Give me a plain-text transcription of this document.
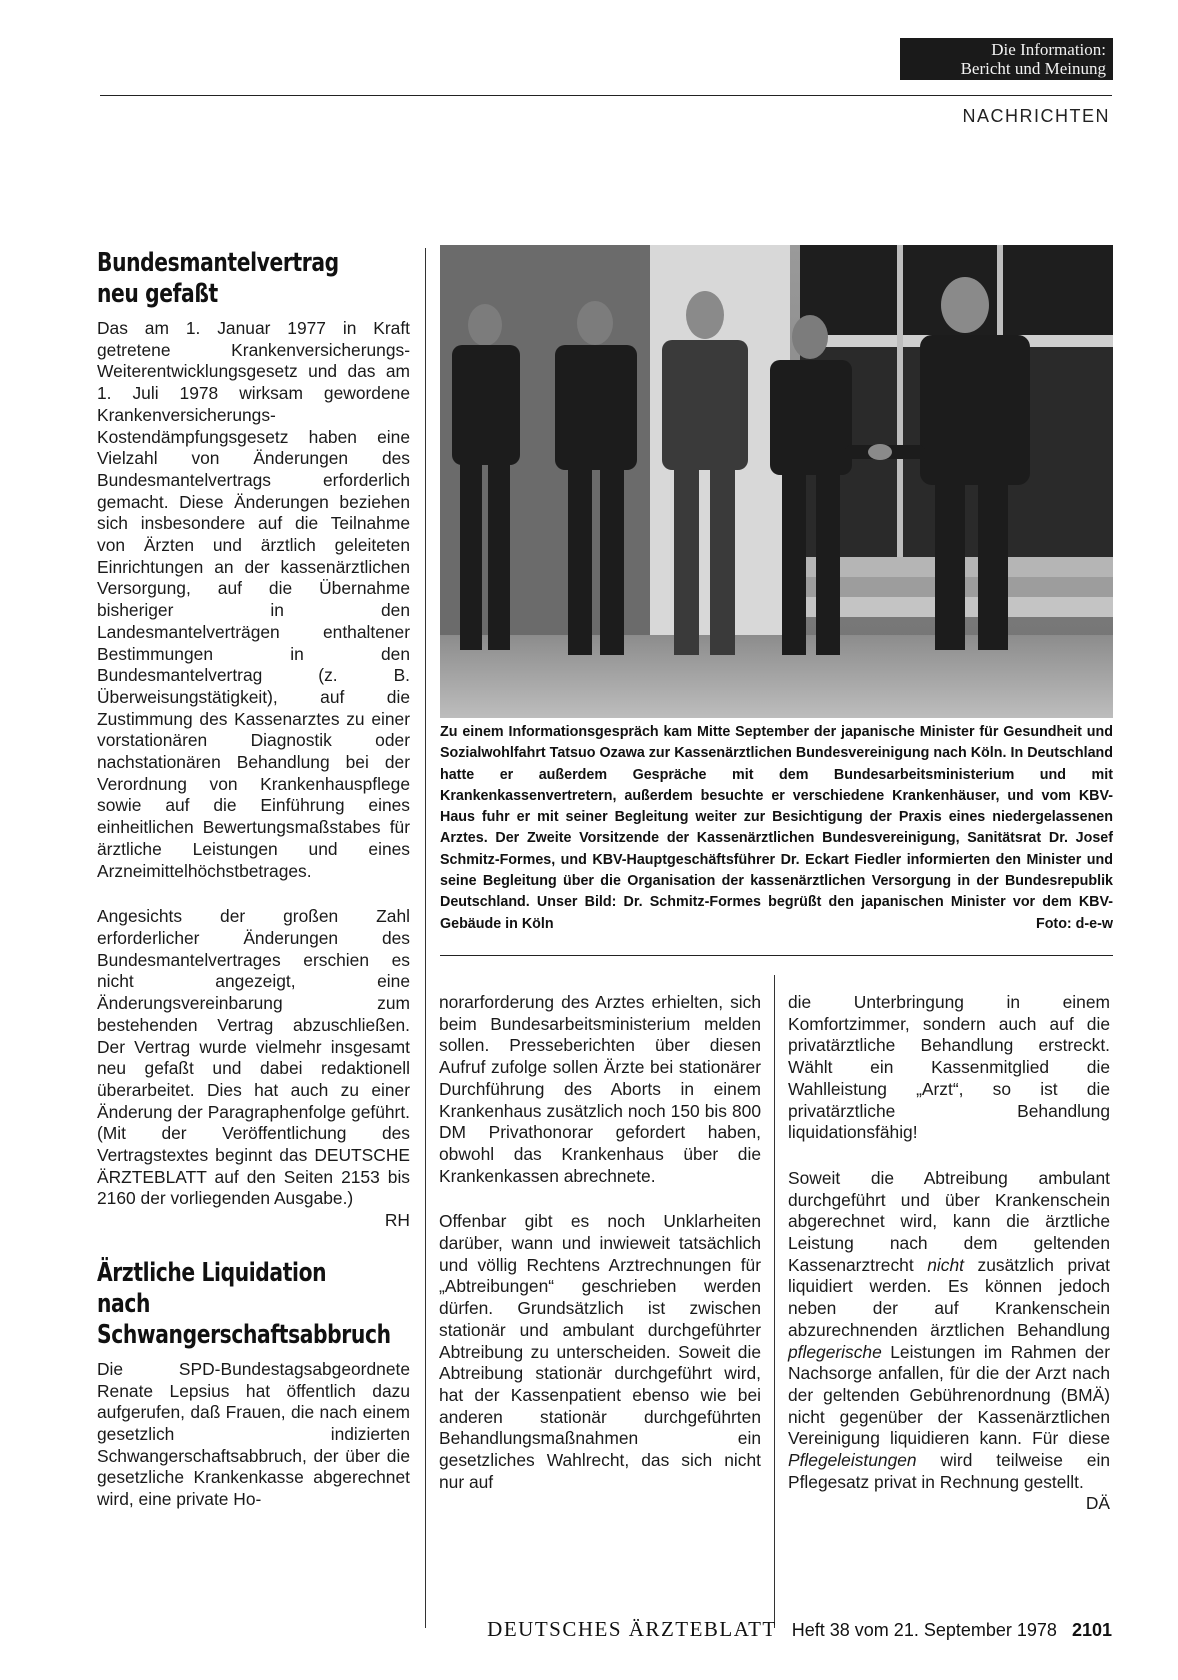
Die Information:
Bericht und Meinung
NACHRICHTEN
Bundesmantelvertrag
neu gefaßt

Das am 1. Januar 1977 in Kraft getretene Krankenversicherungs-Weiterentwicklungsgesetz und das am 1. Juli 1978 wirksam gewordene Krankenversicherungs-Kostendämpfungsgesetz haben eine Vielzahl von Änderungen des Bundesmantelvertrags erforderlich gemacht. Diese Änderungen beziehen sich insbesondere auf die Teilnahme von Ärzten und ärztlich geleiteten Einrichtungen an der kassenärztlichen Versorgung, auf die Übernahme bisheriger in den Landesmantelverträgen enthaltener Bestimmungen in den Bundesmantelvertrag (z. B. Überweisungstätigkeit), auf die Zustimmung des Kassenarztes zu einer vorstationären Diagnostik oder nachstationären Behandlung bei der Verordnung von Krankenhauspflege sowie auf die Einführung eines einheitlichen Bewertungsmaßstabes für ärztliche Leistungen und eines Arzneimittelhöchstbetrages.

Angesichts der großen Zahl erforderlicher Änderungen des Bundesmantelvertrages erschien es nicht angezeigt, eine Änderungsvereinbarung zum bestehenden Vertrag abzuschließen. Der Vertrag wurde vielmehr insgesamt neu gefaßt und dabei redaktionell überarbeitet. Dies hat auch zu einer Änderung der Paragraphenfolge geführt. (Mit der Veröffentlichung des Vertragstextes beginnt das DEUTSCHE ÄRZTEBLATT auf den Seiten 2153 bis 2160 der vorliegenden Ausgabe.)
RH

Ärztliche Liquidation
nach
Schwangerschaftsabbruch

Die SPD-Bundestagsabgeordnete Renate Lepsius hat öffentlich dazu aufgerufen, daß Frauen, die nach einem gesetzlich indizierten Schwangerschaftsabbruch, der über die gesetzliche Krankenkasse abgerechnet wird, eine private Ho-

Zu einem Informationsgespräch kam Mitte September der japanische Minister für Gesundheit und Sozialwohlfahrt Tatsuo Ozawa zur Kassenärztlichen Bundesvereinigung nach Köln. In Deutschland hatte er außerdem Gespräche mit dem Bundesarbeitsministerium und mit Krankenkassenvertretern, außerdem besuchte er verschiedene Krankenhäuser, und vom KBV-Haus fuhr er mit seiner Begleitung weiter zur Besichtigung der Praxis eines niedergelassenen Arztes. Der Zweite Vorsitzende der Kassenärztlichen Bundesvereinigung, Sanitätsrat Dr. Josef Schmitz-Formes, und KBV-Hauptgeschäftsführer Dr. Eckart Fiedler informierten den Minister und seine Begleitung über die Organisation der kassenärztlichen Versorgung in der Bundesrepublik Deutschland. Unser Bild: Dr. Schmitz-Formes begrüßt den japanischen Minister vor dem KBV-Gebäude in Köln	Foto: d-e-w

norarforderung des Arztes erhielten, sich beim Bundesarbeitsministerium melden sollen. Presseberichten über diesen Aufruf zufolge sollen Ärzte bei stationärer Durchführung des Aborts in einem Krankenhaus zusätzlich noch 150 bis 800 DM Privathonorar gefordert haben, obwohl das Krankenhaus über die Krankenkassen abrechnete.

Offenbar gibt es noch Unklarheiten darüber, wann und inwieweit tatsächlich und völlig Rechtens Arztrechnungen für „Abtreibungen“ geschrieben werden dürfen. Grundsätzlich ist zwischen stationär und ambulant durchgeführter Abtreibung zu unterscheiden. Soweit die Abtreibung stationär durchgeführt wird, hat der Kassenpatient ebenso wie bei anderen stationär durchgeführten Behandlungsmaßnahmen ein gesetzliches Wahlrecht, das sich nicht nur auf

die Unterbringung in einem Komfortzimmer, sondern auch auf die privatärztliche Behandlung erstreckt. Wählt ein Kassenmitglied die Wahlleistung „Arzt“, so ist die privatärztliche Behandlung liquidationsfähig!

Soweit die Abtreibung ambulant durchgeführt und über Krankenschein abgerechnet wird, kann die ärztliche Leistung nach dem geltenden Kassenarztrecht nicht zusätzlich privat liquidiert werden. Es können jedoch neben der auf Krankenschein abzurechnenden ärztlichen Behandlung pflegerische Leistungen im Rahmen der Nachsorge anfallen, für die der Arzt nach der geltenden Gebührenordnung (BMÄ) nicht gegenüber der Kassenärztlichen Vereinigung liquidieren kann. Für diese Pflegeleistungen wird teilweise ein Pflegesatz privat in Rechnung gestellt.
DÄ

DEUTSCHES ÄRZTEBLATT Heft 38 vom 21. September 1978 2101
